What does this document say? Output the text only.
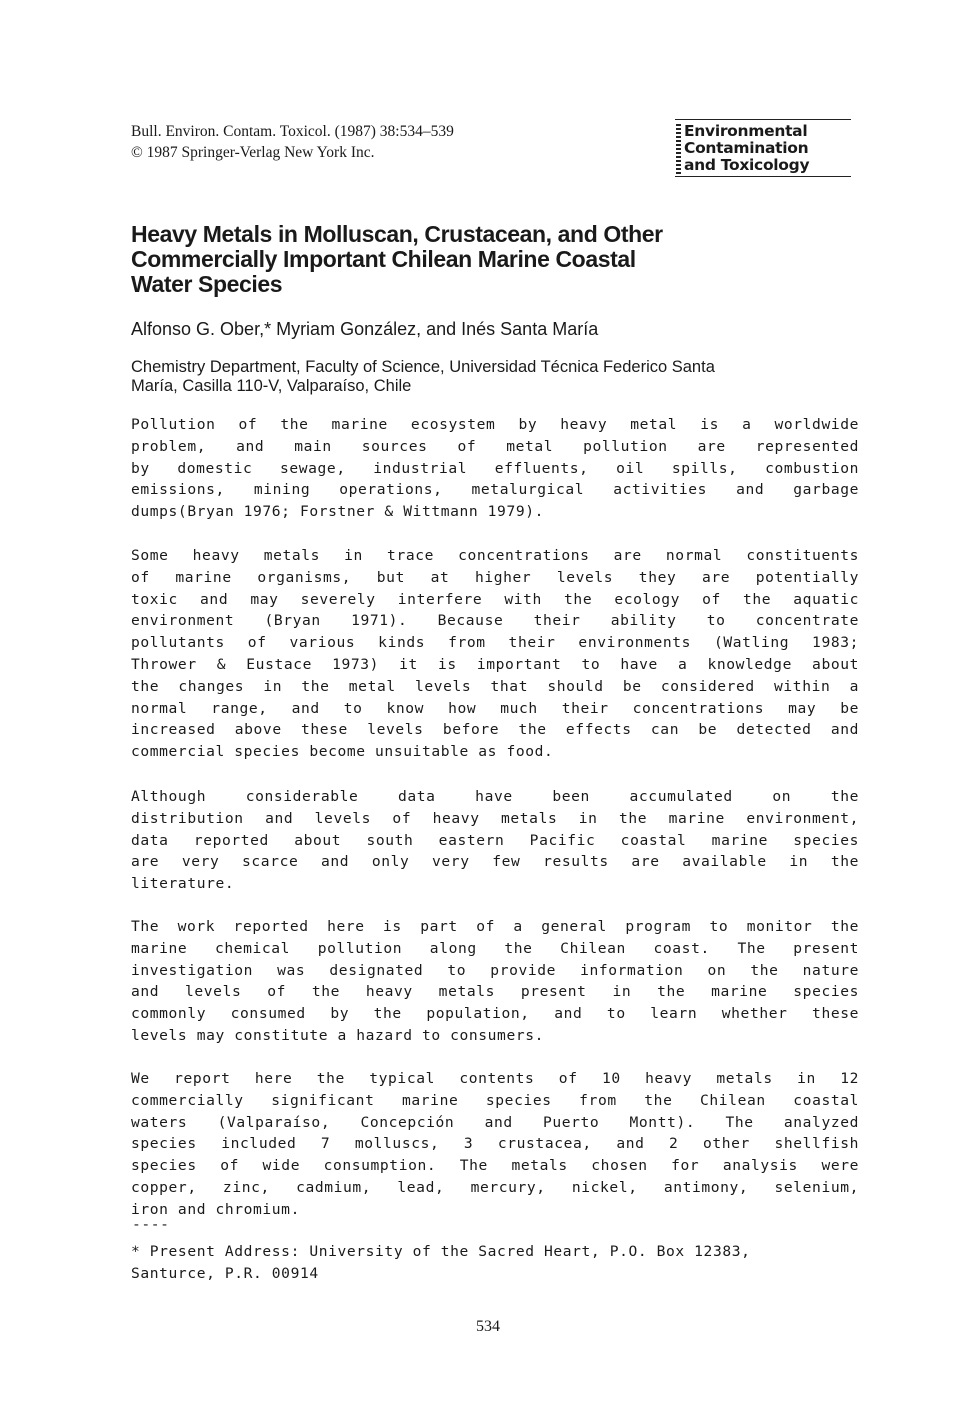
Bull. Environ. Contam. Toxicol. (1987) 38:534–539
© 1987 Springer-Verlag New York Inc.
Environmental
Contamination
and Toxicology
Heavy Metals in Molluscan, Crustacean, and Other
Commercially Important Chilean Marine Coastal
Water Species
Alfonso G. Ober,* Myriam González, and Inés Santa María
Chemistry Department, Faculty of Science, Universidad Técnica Federico Santa
María, Casilla 110-V, Valparaíso, Chile
Pollution of the marine ecosystem by heavy metal is a worldwide
problem, and main sources of metal pollution are represented
by domestic sewage, industrial effluents, oil spills, combustion
emissions, mining operations, metalurgical activities and garbage
dumps(Bryan 1976; Forstner & Wittmann 1979).
Some heavy metals in trace concentrations are normal constituents
of marine organisms, but at higher levels they are potentially
toxic and may severely interfere with the ecology of the aquatic
environment (Bryan 1971). Because their ability to concentrate
pollutants of various kinds from their environments (Watling 1983;
Thrower & Eustace 1973) it is important to have a knowledge about
the changes in the metal levels that should be considered within a
normal range, and to know how much their concentrations may be
increased above these levels before the effects can be detected and
commercial species become unsuitable as food.
Although considerable data have been accumulated on the
distribution and levels of heavy metals in the marine environment,
data reported about south eastern Pacific coastal marine species
are very scarce and only very few results are available in the
literature.
The work reported here is part of a general program to monitor the
marine chemical pollution along the Chilean coast. The present
investigation was designated to provide information on the nature
and levels of the heavy metals present in the marine species
commonly consumed by the population, and to learn whether these
levels may constitute a hazard to consumers.
We report here the typical contents of 10 heavy metals in 12
commercially significant marine species from the Chilean coastal
waters (Valparaíso, Concepción and Puerto Montt). The analyzed
species included 7 molluscs, 3 crustacea, and 2 other shellfish
species of wide consumption. The metals chosen for analysis were
copper, zinc, cadmium, lead, mercury, nickel, antimony, selenium,
iron and chromium.
----
* Present Address: University of the Sacred Heart, P.O. Box 12383,
Santurce, P.R. 00914
534
